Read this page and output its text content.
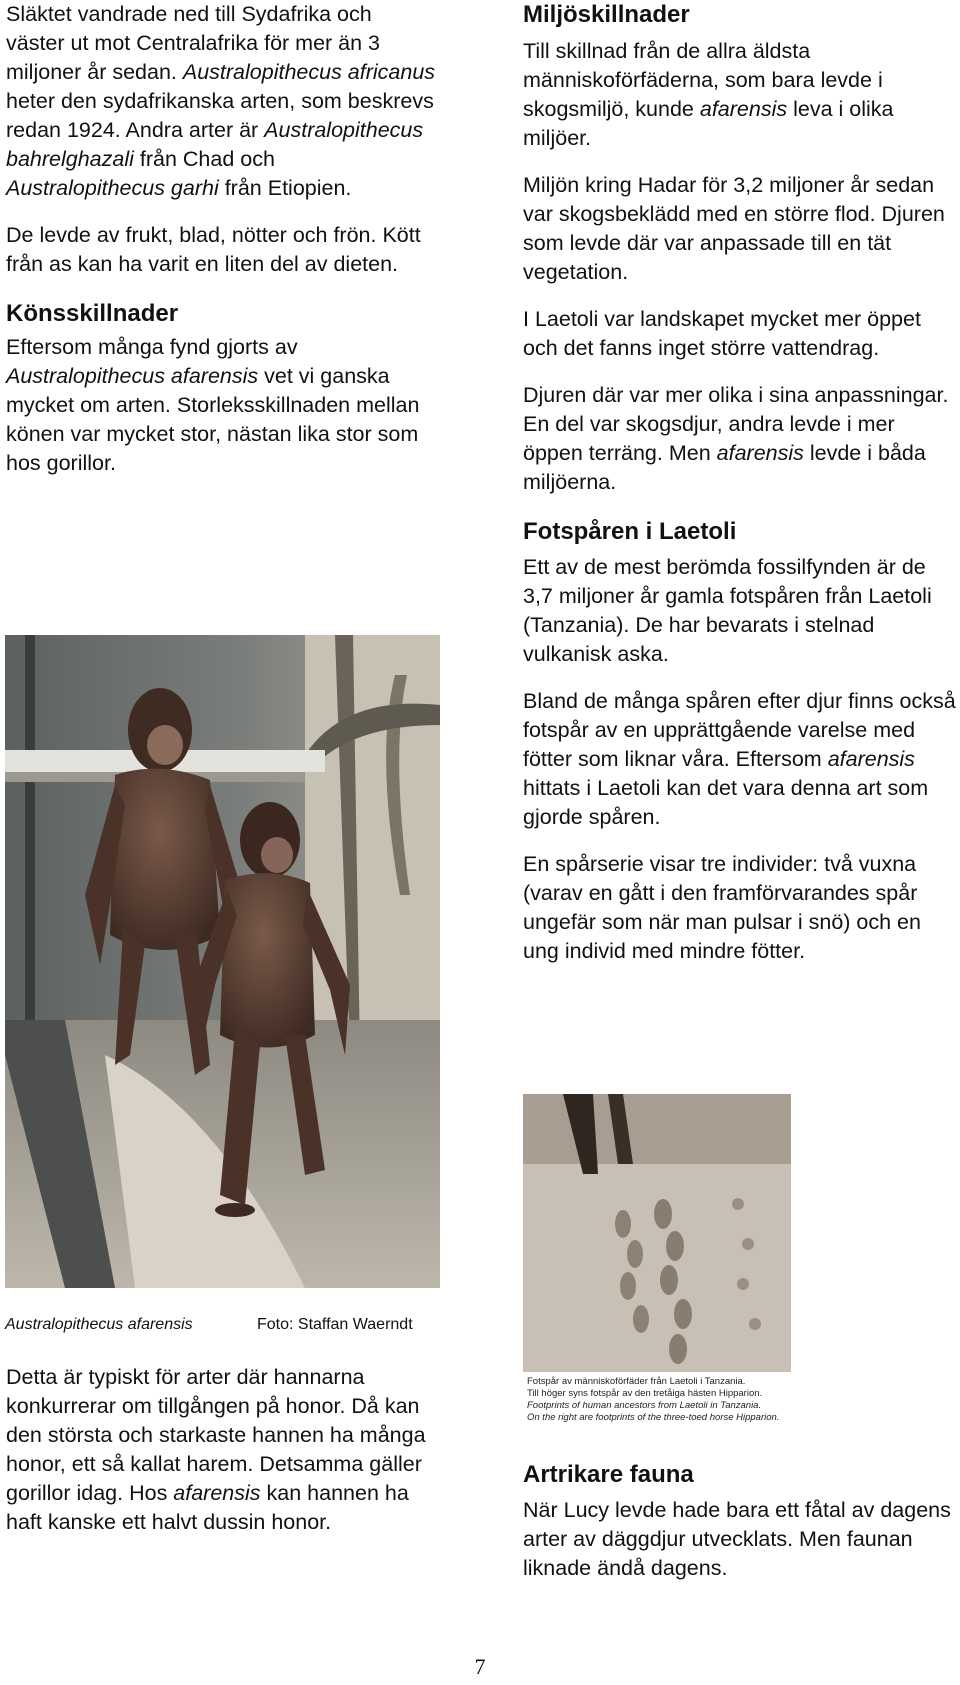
Släktet vandrade ned till Sydafrika och väster ut mot Centralafrika för mer än 3 miljoner år sedan. Australopithecus africanus heter den sydafrikanska arten, som beskrevs redan 1924. Andra arter är Australopithecus bahrelghazali från Chad och Australopithecus garhi från Etiopien.

De levde av frukt, blad, nötter och frön. Kött från as kan ha varit en liten del av dieten.

Könsskillnader

Eftersom många fynd gjorts av Australopithecus afarensis vet vi ganska mycket om arten. Storleksskillnaden mellan könen var mycket stor, nästan lika stor som hos gorillor.

Australopithecus afarensis	Foto: Staffan Waerndt

Detta är typiskt för arter där hannarna konkurrerar om tillgången på honor. Då kan den största och starkaste hannen ha många honor, ett så kallat harem. Detsamma gäller gorillor idag. Hos afarensis kan hannen ha haft kanske ett halvt dussin honor.

Miljöskillnader

Till skillnad från de allra äldsta människoförfäderna, som bara levde i skogsmiljö, kunde afarensis leva i olika miljöer.

Miljön kring Hadar för 3,2 miljoner år sedan var skogsbeklädd med en större flod. Djuren som levde där var anpassade till en tät vegetation.

I Laetoli var landskapet mycket mer öppet och det fanns inget större vattendrag.

Djuren där var mer olika i sina anpassningar. En del var skogsdjur, andra levde i mer öppen terräng. Men afarensis levde i båda miljöerna.

Fotspåren i Laetoli

Ett av de mest berömda fossilfynden är de 3,7 miljoner år gamla fotspåren från Laetoli (Tanzania). De har bevarats i stelnad vulkanisk aska.

Bland de många spåren efter djur finns också fotspår av en upprättgående varelse med fötter som liknar våra. Eftersom afarensis hittats i Laetoli kan det vara denna art som gjorde spåren.

En spårserie visar tre individer: två vuxna (varav en gått i den framförvarandes spår ungefär som när man pulsar i snö) och en ung individ med mindre fötter.

Fotspår av människoförfäder från Laetoli i Tanzania.
Till höger syns fotspår av den tretåiga hästen Hipparion.
Footprints of human ancestors from Laetoli in Tanzania.
On the right are footprints of the three-toed horse Hipparion.
Artrikare fauna

När Lucy levde hade bara ett fåtal av dagens arter av däggdjur utvecklats. Men faunan liknade ändå dagens.

7
